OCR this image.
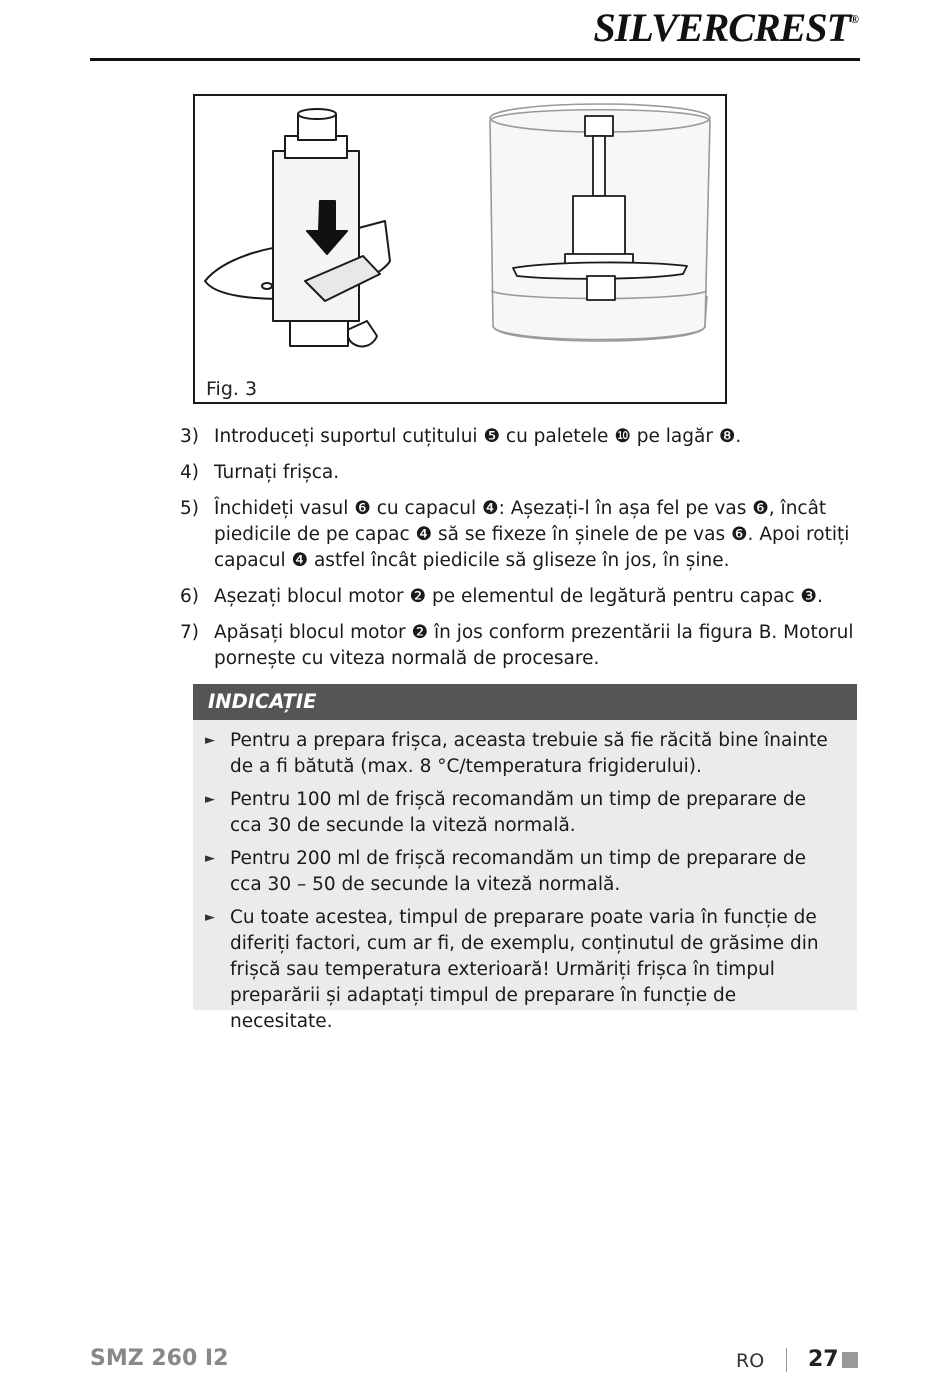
SILVERCREST®
Fig. 3
3) Introduceți suportul cuțitului ❺ cu paletele ❿ pe lagăr ❽.
4) Turnați frișca.
5) Închideți vasul ❻ cu capacul ❹: Așezați-l în așa fel pe vas ❻, încât piedicile de pe capac ❹ să se fixeze în șinele de pe vas ❻. Apoi rotiți capacul ❹ astfel încât piedicile să gliseze în jos, în șine.
6) Așezați blocul motor ❷ pe elementul de legătură pentru capac ❸.
7) Apăsați blocul motor ❷ în jos conform prezentării la figura B. Motorul pornește cu viteza normală de procesare.
INDICAȚIE
► Pentru a prepara frișca, aceasta trebuie să fie răcită bine înainte de a fi bătută (max. 8 °C/temperatura frigiderului).
► Pentru 100 ml de frișcă recomandăm un timp de preparare de cca 30 de secunde la viteză normală.
► Pentru 200 ml de frișcă recomandăm un timp de preparare de cca 30 – 50 de secunde la viteză normală.
► Cu toate acestea, timpul de preparare poate varia în funcție de diferiți factori, cum ar fi, de exemplu, conținutul de grăsime din frișcă sau temperatura exterioară! Urmăriți frișca în timpul preparării și adaptați timpul de preparare în funcție de necesitate.
SMZ 260 I2	RO 27
